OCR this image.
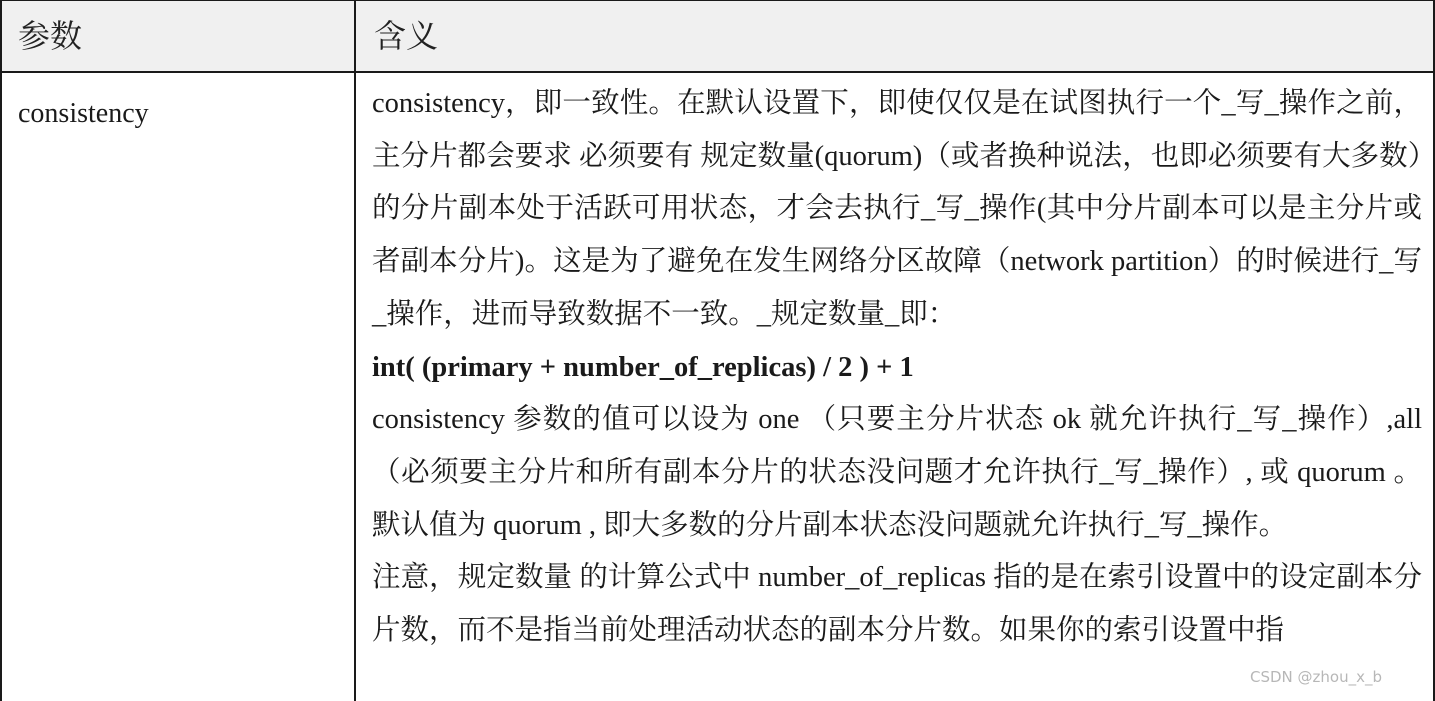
参数	含义
consistency	consistency，即一致性。在默认设置下，即使仅仅是在试图执行一个_写_操作之前，主分片都会要求 必须要有 规定数量(quorum)（或者换种说法，也即必须要有大多数）的分片副本处于活跃可用状态，才会去执行_写_操作(其中分片副本可以是主分片或者副本分片)。这是为了避免在发生网络分区故障（network partition）的时候进行_写_操作，进而导致数据不一致。_规定数量_即：

int( (primary + number_of_replicas) / 2 ) + 1

consistency 参数的值可以设为 one （只要主分片状态 ok 就允许执行_写_操作）,all（必须要主分片和所有副本分片的状态没问题才允许执行_写_操作）, 或 quorum 。默认值为 quorum , 即大多数的分片副本状态没问题就允许执行_写_操作。

注意，规定数量 的计算公式中 number_of_replicas 指的是在索引设置中的设定副本分片数，而不是指当前处理活动状态的副本分片数。如果你的索引设置中指

CSDN @zhou_x_b
